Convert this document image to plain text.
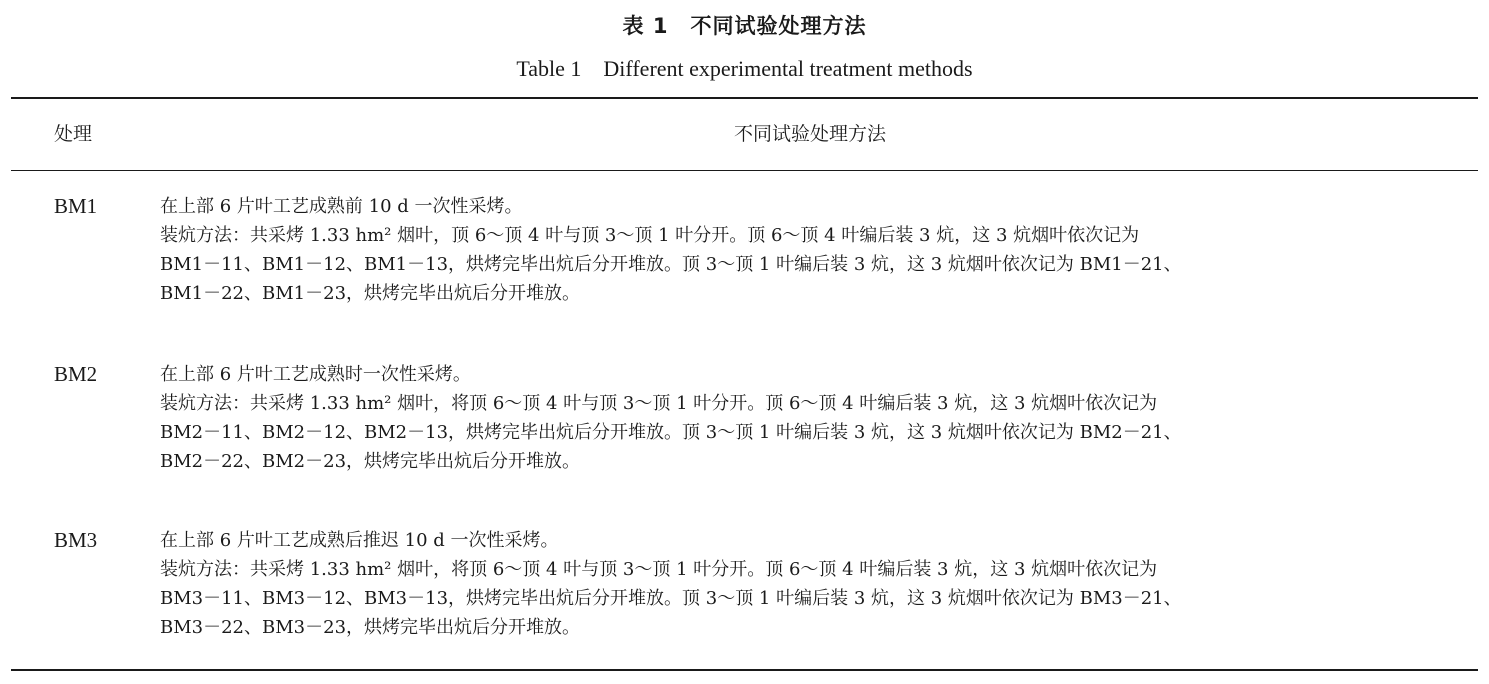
表 1　不同试验处理方法
Table 1　Different experimental treatment methods
处理	不同试验处理方法
BM1	在上部 6 片叶工艺成熟前 10 d 一次性采烤。
装炕方法：共采烤 1.33 hm² 烟叶，顶 6～顶 4 叶与顶 3～顶 1 叶分开。顶 6～顶 4 叶编后装 3 炕，这 3 炕烟叶依次记为
BM1－11、BM1－12、BM1－13，烘烤完毕出炕后分开堆放。顶 3～顶 1 叶编后装 3 炕，这 3 炕烟叶依次记为 BM1－21、
BM1－22、BM1－23，烘烤完毕出炕后分开堆放。
BM2	在上部 6 片叶工艺成熟时一次性采烤。
装炕方法：共采烤 1.33 hm² 烟叶，将顶 6～顶 4 叶与顶 3～顶 1 叶分开。顶 6～顶 4 叶编后装 3 炕，这 3 炕烟叶依次记为
BM2－11、BM2－12、BM2－13，烘烤完毕出炕后分开堆放。顶 3～顶 1 叶编后装 3 炕，这 3 炕烟叶依次记为 BM2－21、
BM2－22、BM2－23，烘烤完毕出炕后分开堆放。
BM3	在上部 6 片叶工艺成熟后推迟 10 d 一次性采烤。
装炕方法：共采烤 1.33 hm² 烟叶，将顶 6～顶 4 叶与顶 3～顶 1 叶分开。顶 6～顶 4 叶编后装 3 炕，这 3 炕烟叶依次记为
BM3－11、BM3－12、BM3－13，烘烤完毕出炕后分开堆放。顶 3～顶 1 叶编后装 3 炕，这 3 炕烟叶依次记为 BM3－21、
BM3－22、BM3－23，烘烤完毕出炕后分开堆放。
